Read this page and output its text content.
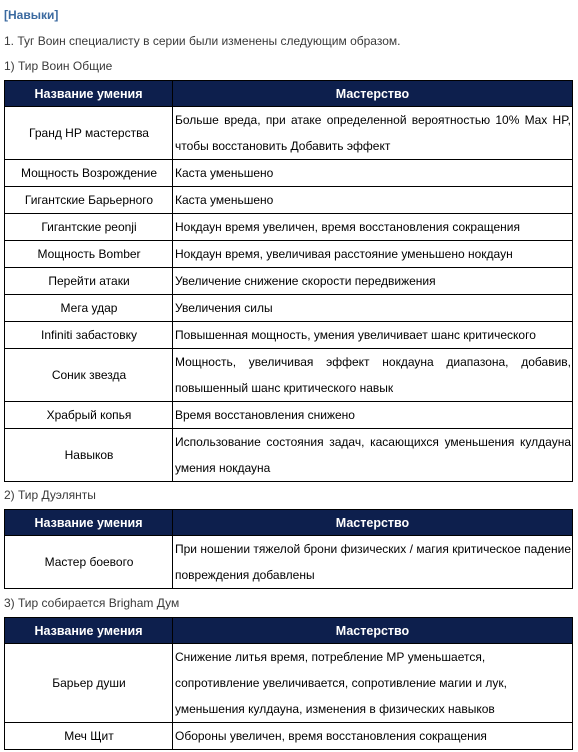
[Навыки]
1. Туг Воин специалисту в серии были изменены следующим образом.
1) Тир Воин Общие
Название умения	Мастерство
Гранд HP мастерства	Больше вреда, при атаке определенной вероятностью 10% Max HP, чтобы восстановить Добавить эффект
Мощность Возрождение	Каста уменьшено
Гигантские Барьерного	Каста уменьшено
Гигантские peonji	Нокдаун время увеличен, время восстановления сокращения
Мощность Bomber	Нокдаун время, увеличивая расстояние уменьшено нокдаун
Перейти атаки	Увеличение снижение скорости передвижения
Мега удар	Увеличения силы
Infiniti забастовку	Повышенная мощность, умения увеличивает шанс критического
Соник звезда	Мощность, увеличивая эффект нокдауна диапазона, добавив, повышенный шанс критического навык
Храбрый копья	Время восстановления снижено
Навыков	Использование состояния задач, касающихся уменьшения кулдауна умения нокдауна
2) Тир Дуэлянты
Название умения	Мастерство
Мастер боевого	При ношении тяжелой брони физических / магия критическое падение повреждения добавлены
3) Тир собирается Brigham Дум
Название умения	Мастерство
Барьер души	Снижение литья время, потребление МР уменьшается, сопротивление увеличивается, сопротивление магии и лук, уменьшения кулдауна, изменения в физических навыков
Меч Щит	Обороны увеличен, время восстановления сокращения
